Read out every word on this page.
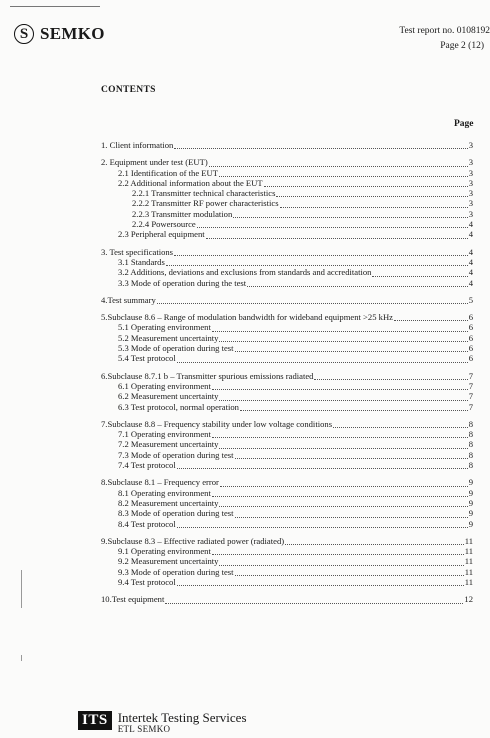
S SEMKO	Test report no. 0108192
Page 2 (12)
CONTENTS
Page
1. Client information	3
2. Equipment under test (EUT)	3
2.1 Identification of the EUT	3
2.2 Additional information about the EUT	3
2.2.1 Transmitter technical characteristics	3
2.2.2 Transmitter RF power characteristics	3
2.2.3 Transmitter modulation	3
2.2.4 Powersource	4
2.3 Peripheral equipment	4
3. Test specifications	4
3.1 Standards	4
3.2 Additions, deviations and exclusions from standards and accreditation	4
3.3 Mode of operation during the test	4
4.Test summary	5
5.Subclause 8.6 – Range of modulation bandwidth for wideband equipment >25 kHz	6
5.1 Operating environment	6
5.2 Measurement uncertainty	6
5.3 Mode of operation during test	6
5.4 Test protocol	6
6.Subclause 8.7.1 b – Transmitter spurious emissions radiated	7
6.1 Operating environment	7
6.2 Measurement uncertainty	7
6.3 Test protocol, normal operation	7
7.Subclause 8.8 – Frequency stability under low voltage conditions	8
7.1 Operating environment	8
7.2 Measurement uncertainty	8
7.3 Mode of operation during test	8
7.4 Test protocol	8
8.Subclause 8.1 – Frequency error	9
8.1 Operating environment	9
8.2 Measurement uncertainty	9
8.3 Mode of operation during test	9
8.4 Test protocol	9
9.Subclause 8.3 – Effective radiated power (radiated)	11
9.1 Operating environment	11
9.2 Measurement uncertainty	11
9.3 Mode of operation during test	11
9.4 Test protocol	11
10.Test equipment	12
ITS Intertek Testing Services
ETL SEMKO
